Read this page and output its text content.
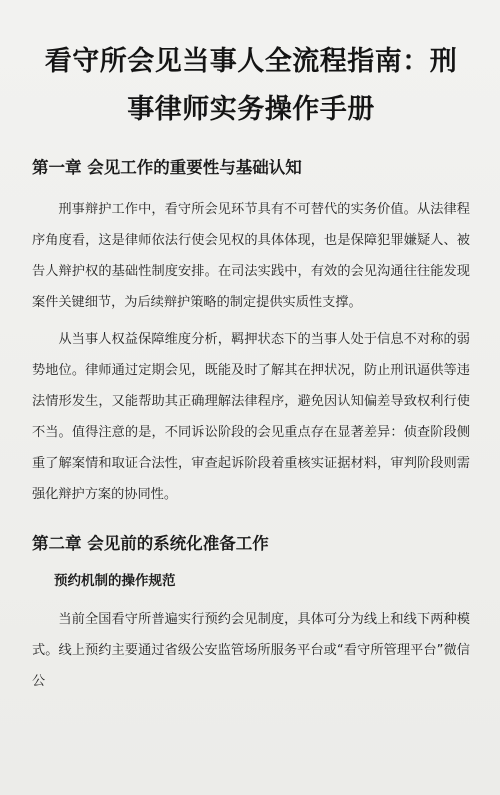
看守所会见当事人全流程指南：刑事律师实务操作手册
第一章 会见工作的重要性与基础认知

刑事辩护工作中，看守所会见环节具有不可替代的实务价值。从法律程序角度看，这是律师依法行使会见权的具体体现，也是保障犯罪嫌疑人、被告人辩护权的基础性制度安排。在司法实践中，有效的会见沟通往往能发现案件关键细节，为后续辩护策略的制定提供实质性支撑。

从当事人权益保障维度分析，羁押状态下的当事人处于信息不对称的弱势地位。律师通过定期会见，既能及时了解其在押状况，防止刑讯逼供等违法情形发生，又能帮助其正确理解法律程序，避免因认知偏差导致权利行使不当。值得注意的是，不同诉讼阶段的会见重点存在显著差异：侦查阶段侧重了解案情和取证合法性，审查起诉阶段着重核实证据材料，审判阶段则需强化辩护方案的协同性。

第二章 会见前的系统化准备工作
预约机制的操作规范

当前全国看守所普遍实行预约会见制度，具体可分为线上和线下两种模式。线上预约主要通过省级公安监管场所服务平台或“看守所管理平台”微信公
